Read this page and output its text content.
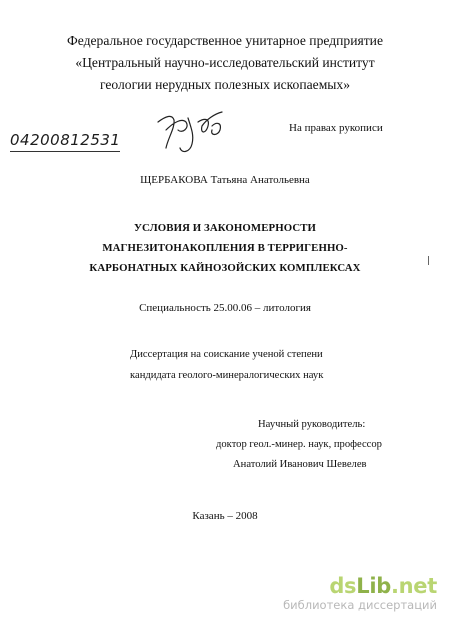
Федеральное государственное унитарное предприятие
«Центральный научно-исследовательский институт
геологии нерудных полезных ископаемых»
04200812531
На правах рукописи
ЩЕРБАКОВА Татьяна Анатольевна
УСЛОВИЯ И ЗАКОНОМЕРНОСТИ
МАГНЕЗИТОНАКОПЛЕНИЯ В ТЕРРИГЕННО-
КАРБОНАТНЫХ КАЙНОЗОЙСКИХ КОМПЛЕКСАХ
Специальность 25.00.06 – литология
Диссертация на соискание ученой степени
кандидата геолого-минералогических наук
Научный руководитель:
доктор геол.-минер. наук, профессор
Анатолий Иванович Шевелев
Казань – 2008
dsLib.net
библиотека диссертаций
